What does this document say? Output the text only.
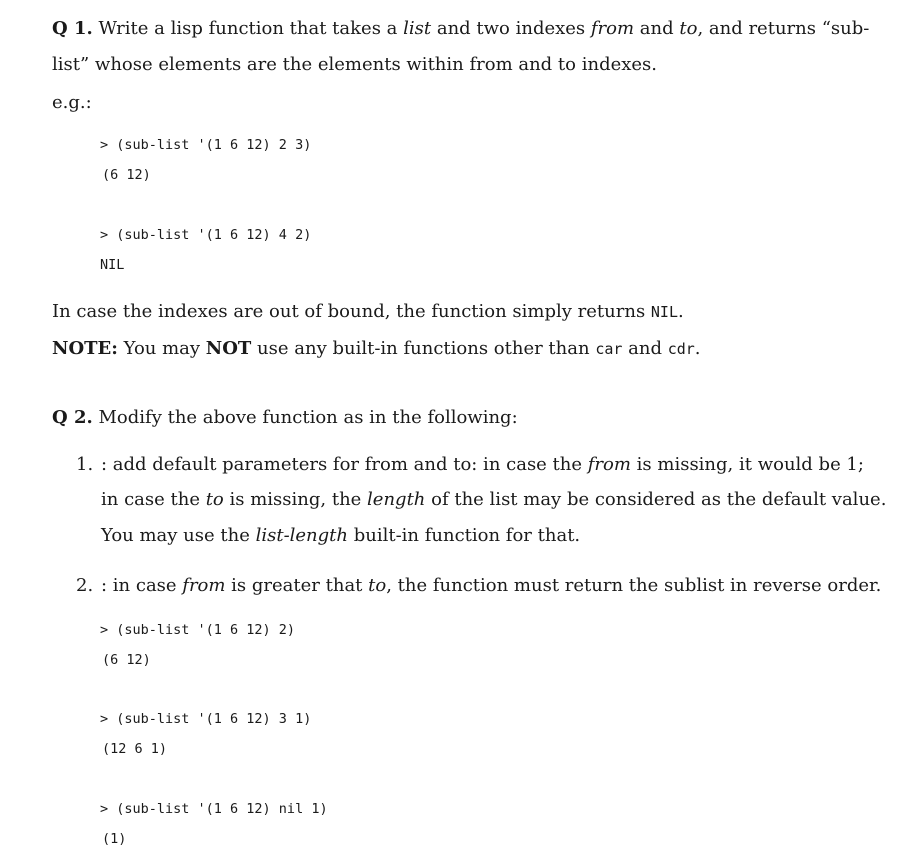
Q 1. Write a lisp function that takes a list and two indexes from and to, and returns “sub-
list” whose elements are the elements within from and to indexes.
e.g.:
> (sub-list '(1 6 12) 2 3)
(6 12)
> (sub-list '(1 6 12) 4 2)
NIL
In case the indexes are out of bound, the function simply returns NIL.
NOTE: You may NOT use any built-in functions other than car and cdr.
Q 2. Modify the above function as in the following:
1. : add default parameters for from and to: in case the from is missing, it would be 1;
in case the to is missing, the length of the list may be considered as the default value.
You may use the list-length built-in function for that.
2. : in case from is greater that to, the function must return the sublist in reverse order.
> (sub-list '(1 6 12) 2)
(6 12)
> (sub-list '(1 6 12) 3 1)
(12 6 1)
> (sub-list '(1 6 12) nil 1)
(1)
